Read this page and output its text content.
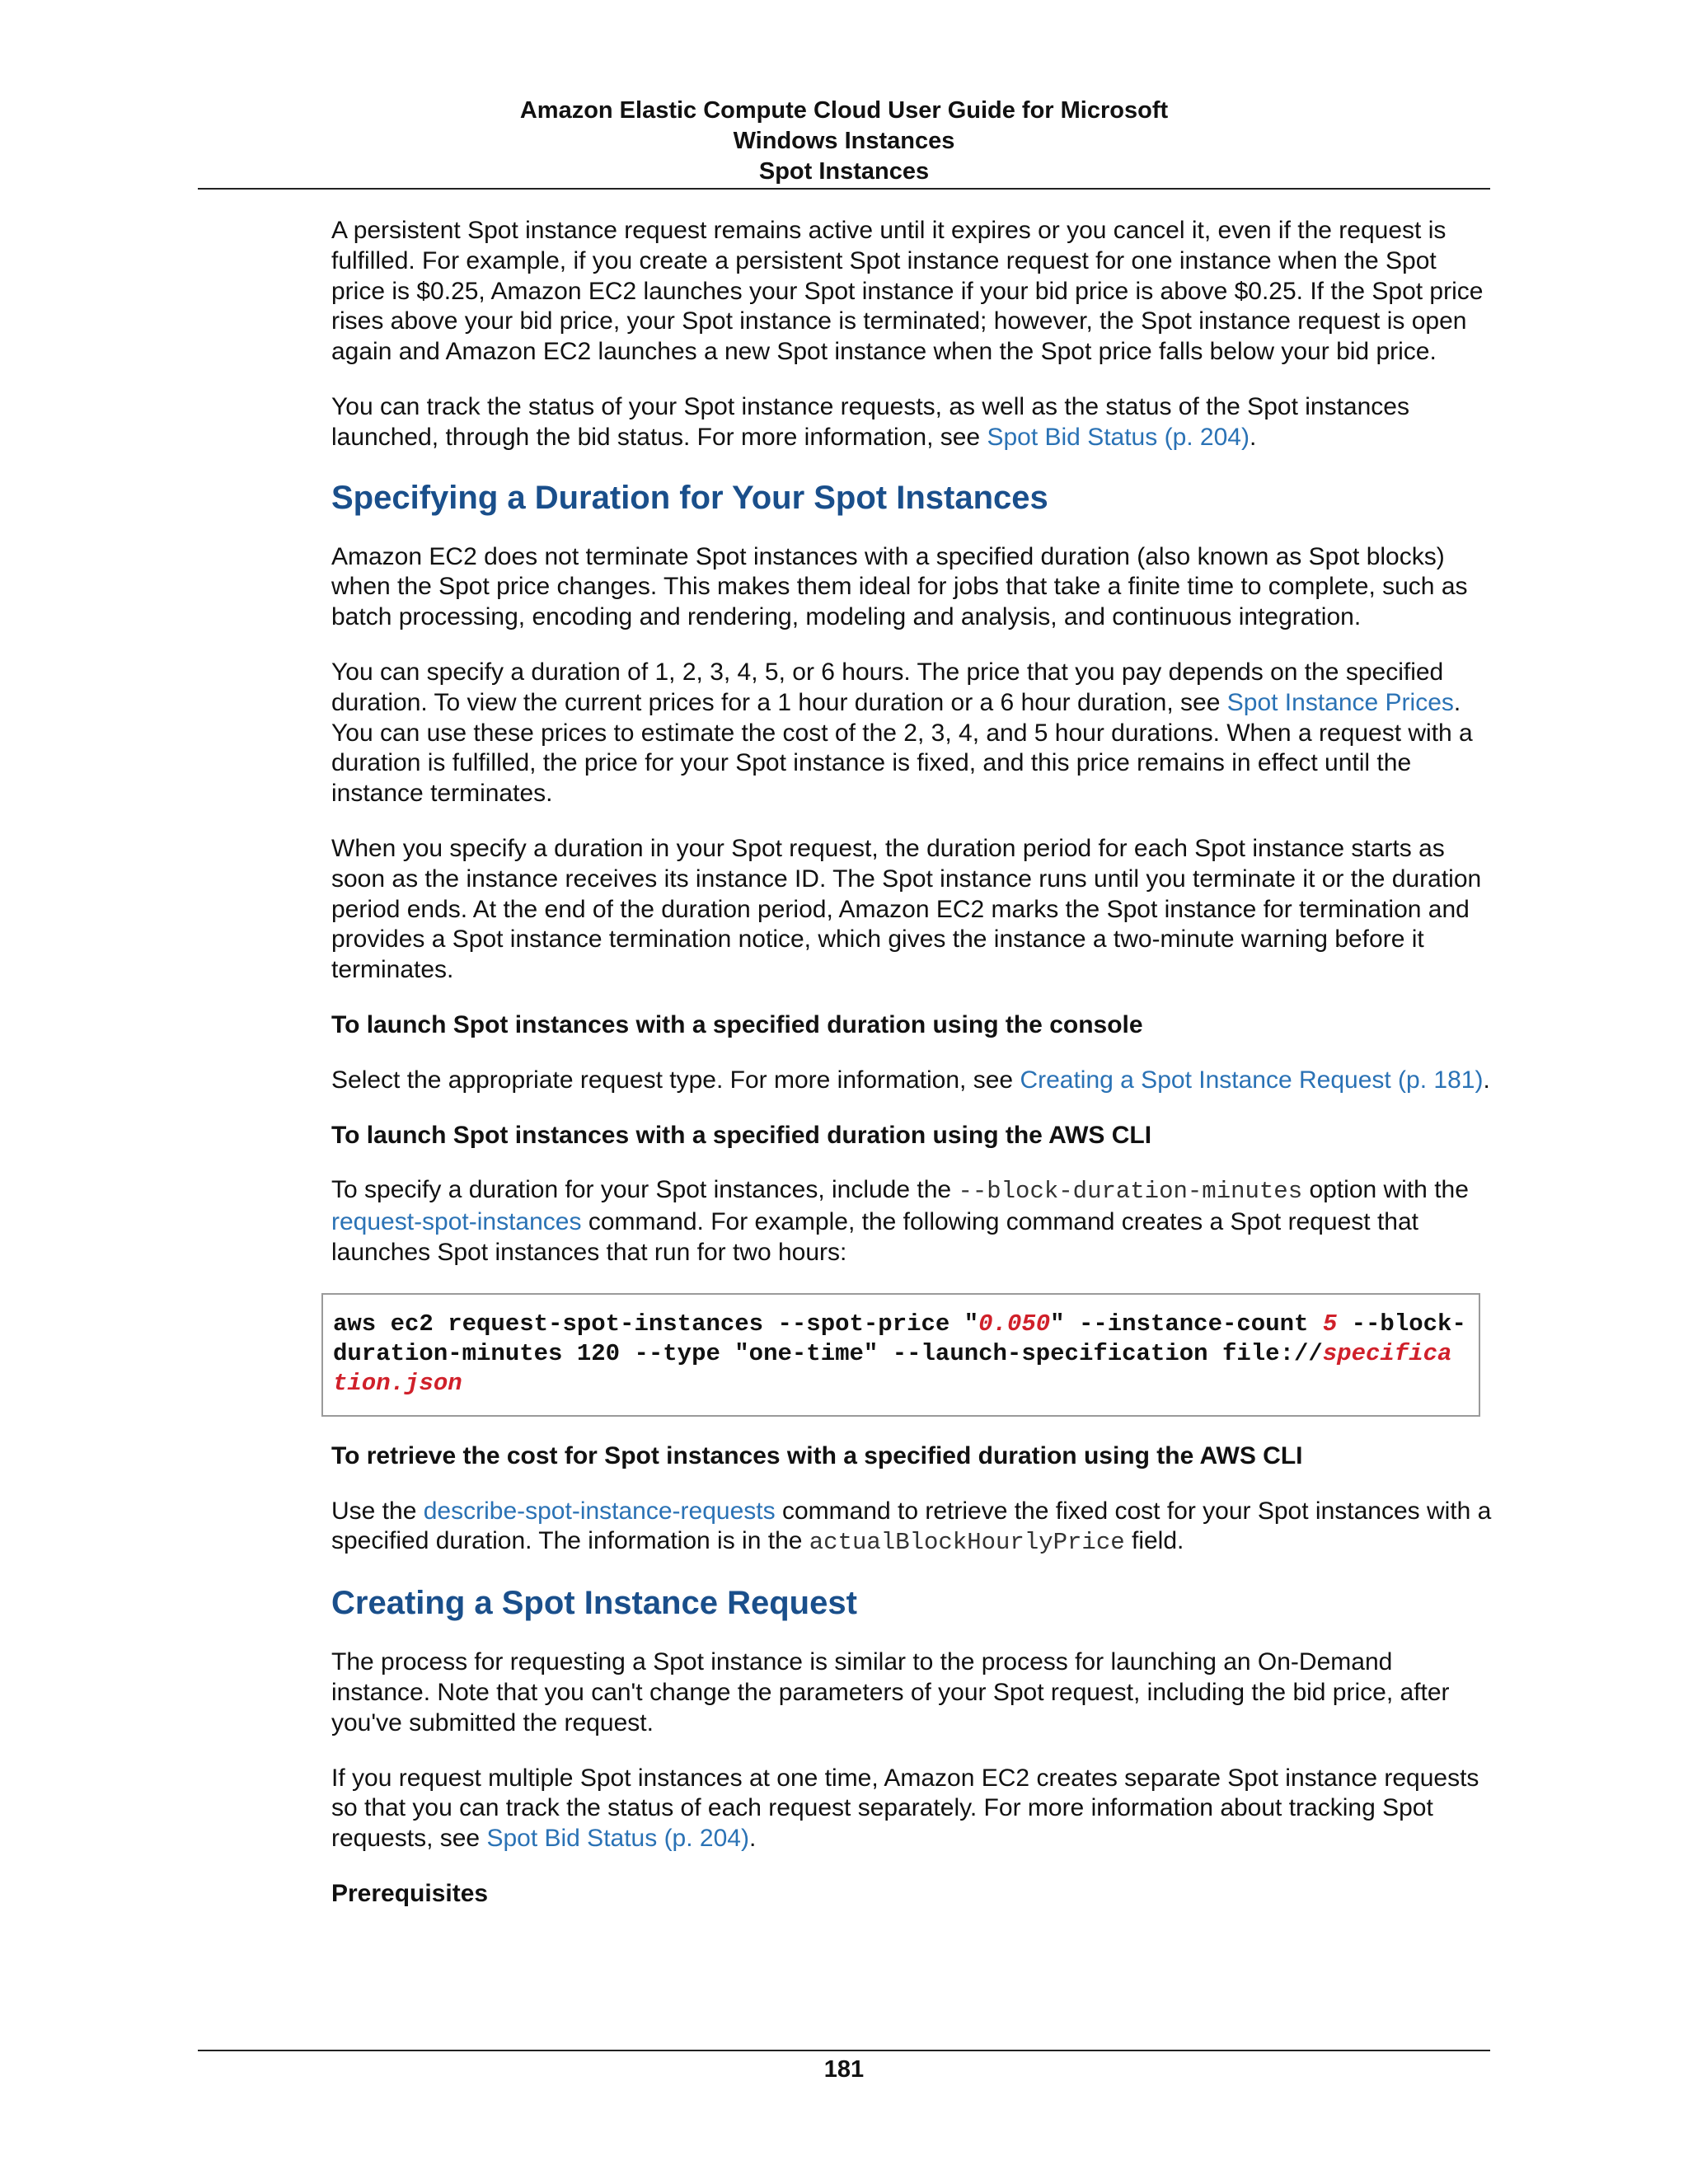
Amazon Elastic Compute Cloud User Guide for Microsoft
Windows Instances
Spot Instances

A persistent Spot instance request remains active until it expires or you cancel it, even if the request is fulfilled. For example, if you create a persistent Spot instance request for one instance when the Spot price is $0.25, Amazon EC2 launches your Spot instance if your bid price is above $0.25. If the Spot price rises above your bid price, your Spot instance is terminated; however, the Spot instance request is open again and Amazon EC2 launches a new Spot instance when the Spot price falls below your bid price.

You can track the status of your Spot instance requests, as well as the status of the Spot instances launched, through the bid status. For more information, see Spot Bid Status (p. 204).

Specifying a Duration for Your Spot Instances

Amazon EC2 does not terminate Spot instances with a specified duration (also known as Spot blocks) when the Spot price changes. This makes them ideal for jobs that take a finite time to complete, such as batch processing, encoding and rendering, modeling and analysis, and continuous integration.

You can specify a duration of 1, 2, 3, 4, 5, or 6 hours. The price that you pay depends on the specified duration. To view the current prices for a 1 hour duration or a 6 hour duration, see Spot Instance Prices. You can use these prices to estimate the cost of the 2, 3, 4, and 5 hour durations. When a request with a duration is fulfilled, the price for your Spot instance is fixed, and this price remains in effect until the instance terminates.

When you specify a duration in your Spot request, the duration period for each Spot instance starts as soon as the instance receives its instance ID. The Spot instance runs until you terminate it or the duration period ends. At the end of the duration period, Amazon EC2 marks the Spot instance for termination and provides a Spot instance termination notice, which gives the instance a two-minute warning before it terminates.

To launch Spot instances with a specified duration using the console

Select the appropriate request type. For more information, see Creating a Spot Instance Request (p. 181).

To launch Spot instances with a specified duration using the AWS CLI

To specify a duration for your Spot instances, include the --block-duration-minutes option with the request-spot-instances command. For example, the following command creates a Spot request that launches Spot instances that run for two hours:

aws ec2 request-spot-instances --spot-price "0.050" --instance-count 5 --block-
duration-minutes 120 --type "one-time" --launch-specification file://specifica
tion.json

To retrieve the cost for Spot instances with a specified duration using the AWS CLI

Use the describe-spot-instance-requests command to retrieve the fixed cost for your Spot instances with a specified duration. The information is in the actualBlockHourlyPrice field.

Creating a Spot Instance Request

The process for requesting a Spot instance is similar to the process for launching an On-Demand instance. Note that you can't change the parameters of your Spot request, including the bid price, after you've submitted the request.

If you request multiple Spot instances at one time, Amazon EC2 creates separate Spot instance requests so that you can track the status of each request separately. For more information about tracking Spot requests, see Spot Bid Status (p. 204).

Prerequisites

181
